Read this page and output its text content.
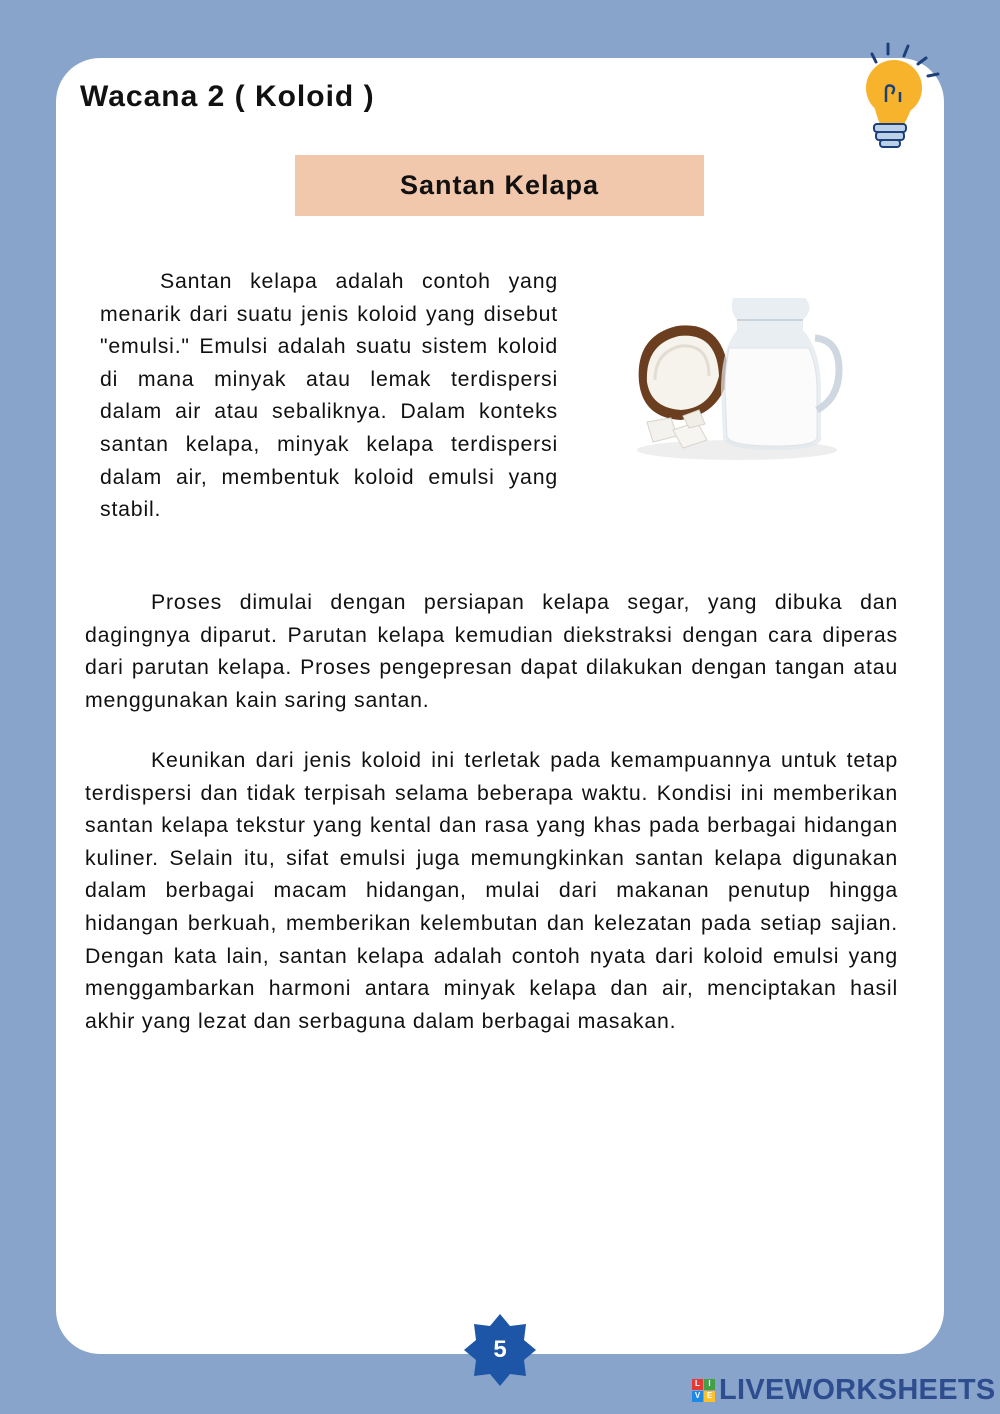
Wacana 2 ( Koloid )
Santan Kelapa

Santan kelapa adalah contoh yang menarik dari suatu jenis koloid yang disebut "emulsi." Emulsi adalah suatu sistem koloid di mana minyak atau lemak terdispersi dalam air atau sebaliknya. Dalam konteks santan kelapa, minyak kelapa terdispersi dalam air, membentuk koloid emulsi yang stabil.

Proses dimulai dengan persiapan kelapa segar, yang dibuka dan dagingnya diparut. Parutan kelapa kemudian diekstraksi dengan cara diperas dari parutan kelapa. Proses pengepresan dapat dilakukan dengan tangan atau menggunakan kain saring santan.

Keunikan dari jenis koloid ini terletak pada kemampuannya untuk tetap terdispersi dan tidak terpisah selama beberapa waktu. Kondisi ini memberikan santan kelapa tekstur yang kental dan rasa yang khas pada berbagai hidangan kuliner. Selain itu, sifat emulsi juga memungkinkan santan kelapa digunakan dalam berbagai macam hidangan, mulai dari makanan penutup hingga hidangan berkuah, memberikan kelembutan dan kelezatan pada setiap sajian. Dengan kata lain, santan kelapa adalah contoh nyata dari koloid emulsi yang menggambarkan harmoni antara minyak kelapa dan air, menciptakan hasil akhir yang lezat dan serbaguna dalam berbagai masakan.

5
L	I
V E LIVEWORKSHEETS
